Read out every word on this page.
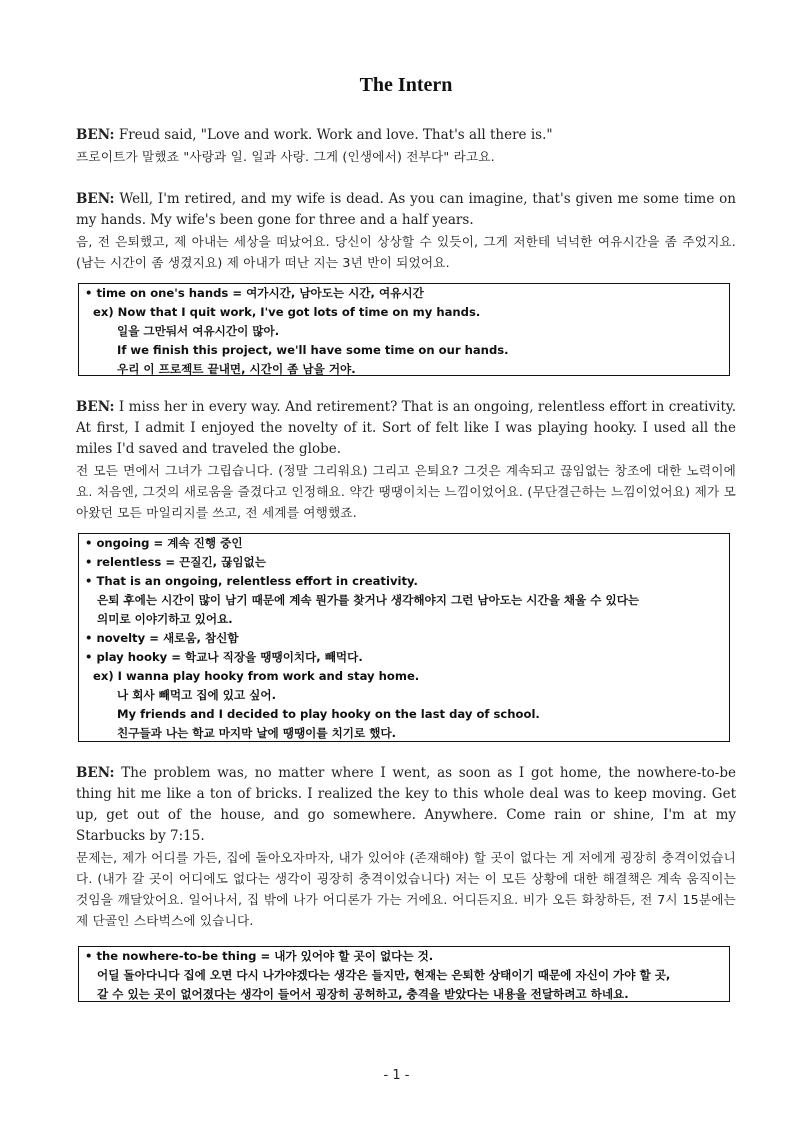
The Intern

BEN: Freud said, "Love and work. Work and love. That's all there is."

프로이트가 말했죠 "사랑과 일. 일과 사랑. 그게 (인생에서) 전부다" 라고요.

BEN: Well, I'm retired, and my wife is dead. As you can imagine, that's given me some time on my hands. My wife's been gone for three and a half years.

음, 전 은퇴했고, 제 아내는 세상을 떠났어요. 당신이 상상할 수 있듯이, 그게 저한테 넉넉한 여유시간을 좀 주었지요. (남는 시간이 좀 생겼지요) 제 아내가 떠난 지는 3년 반이 되었어요.

• time on one's hands = 여가시간, 남아도는 시간, 여유시간
ex) Now that I quit work, I've got lots of time on my hands.
일을 그만둬서 여유시간이 많아.
If we finish this project, we'll have some time on our hands.
우리 이 프로젝트 끝내면, 시간이 좀 남을 거야.

BEN: I miss her in every way. And retirement? That is an ongoing, relentless effort in creativity. At first, I admit I enjoyed the novelty of it. Sort of felt like I was playing hooky. I used all the miles I'd saved and traveled the globe.

전 모든 면에서 그녀가 그립습니다. (정말 그리워요) 그리고 은퇴요? 그것은 계속되고 끊임없는 창조에 대한 노력이에요. 처음엔, 그것의 새로움을 즐겼다고 인정해요. 약간 땡땡이치는 느낌이었어요. (무단결근하는 느낌이었어요) 제가 모아왔던 모든 마일리지를 쓰고, 전 세계를 여행했죠.

• ongoing = 계속 진행 중인
• relentless = 끈질긴, 끊임없는
• That is an ongoing, relentless effort in creativity.
은퇴 후에는 시간이 많이 남기 때문에 계속 뭔가를 찾거나 생각해야지 그런 남아도는 시간을 채울 수 있다는
의미로 이야기하고 있어요.
• novelty = 새로움, 참신함
• play hooky = 학교나 직장을 땡땡이치다, 빼먹다.
ex) I wanna play hooky from work and stay home.
나 회사 빼먹고 집에 있고 싶어.
My friends and I decided to play hooky on the last day of school.
친구들과 나는 학교 마지막 날에 땡땡이를 치기로 했다.

BEN: The problem was, no matter where I went, as soon as I got home, the nowhere-to-be thing hit me like a ton of bricks. I realized the key to this whole deal was to keep moving. Get up, get out of the house, and go somewhere. Anywhere. Come rain or shine, I'm at my Starbucks by 7:15.

문제는, 제가 어디를 가든, 집에 돌아오자마자, 내가 있어야 (존재해야) 할 곳이 없다는 게 저에게 굉장히 충격이었습니다. (내가 갈 곳이 어디에도 없다는 생각이 굉장히 충격이었습니다) 저는 이 모든 상황에 대한 해결책은 계속 움직이는 것임을 깨달았어요. 일어나서, 집 밖에 나가 어디론가 가는 거에요. 어디든지요. 비가 오든 화창하든, 전 7시 15분에는 제 단골인 스타벅스에 있습니다.

• the nowhere-to-be thing = 내가 있어야 할 곳이 없다는 것.
어딜 돌아다니다 집에 오면 다시 나가야겠다는 생각은 들지만, 현재는 은퇴한 상태이기 때문에 자신이 가야 할 곳,
갈 수 있는 곳이 없어졌다는 생각이 들어서 굉장히 공허하고, 충격을 받았다는 내용을 전달하려고 하네요.
- 1 -
